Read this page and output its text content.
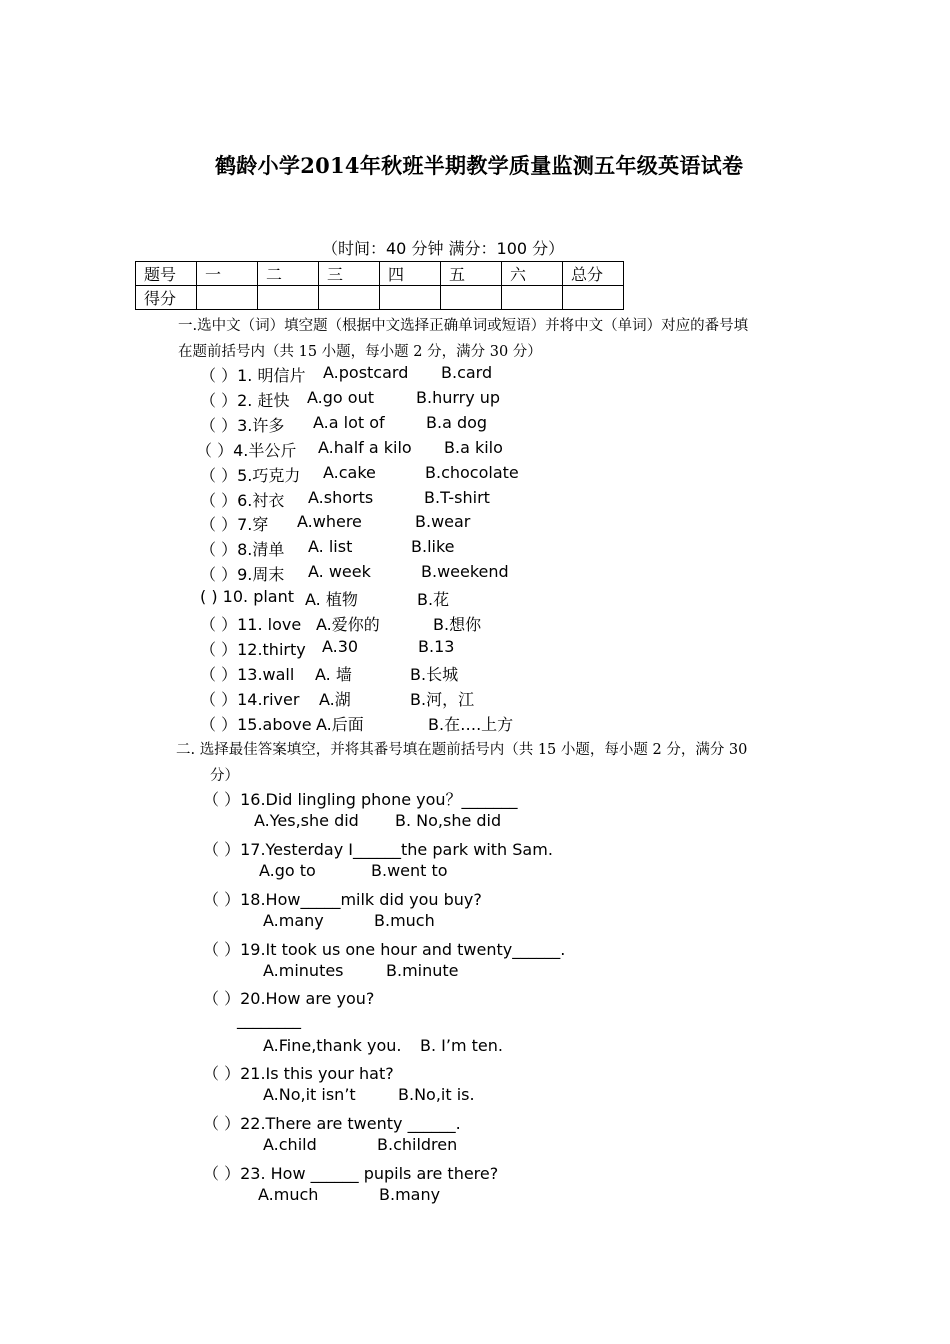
鹤龄小学2014年秋班半期教学质量监测五年级英语试卷
（时间：40 分钟 满分：100 分）
题号	一	二	三	四	五	六	总分
得分							
一.选中文（词）填空题（根据中文选择正确单词或短语）并将中文（单词）对应的番号填
在题前括号内（共 15 小题，每小题 2 分，满分 30 分）
（ ）1. 明信片 A.postcard B.card
（ ）2. 赶快 A.go out	B.hurry up
（ ）3.许多 A.a lot of	B.a dog
（ ）4.半公斤 A.half a kilo B.a kilo
（ ）5.巧克力 A.cake	B.chocolate
（ ）6.衬衣 A.shorts	B.T-shirt
（ ）7.穿 A.where	B.wear
（ ）8.清单 A. list	B.like
（ ）9.周末 A. week	B.weekend
( ) 10. plant A. 植物	B.花
（ ）11. love A.爱你的	B.想你
（ ）12.thirty A.30	B.13
（ ）13.wall A. 墙	B.长城
（ ）14.river A.湖	B.河，江
（ ）15.above A.后面	B.在….上方
二. 选择最佳答案填空，并将其番号填在题前括号内（共 15 小题，每小题 2 分，满分 30
分）
（ ）16.Did lingling phone you？_______
A.Yes,she did B. No,she did
（ ）17.Yesterday I______the park with Sam.
A.go to	B.went to
（ ）18.How_____milk did you buy?
A.many	B.much
（ ）19.It took us one hour and twenty______.
A.minutes	B.minute
（ ）20.How are you?
________
A.Fine,thank you. B. I’m ten.
（ ）21.Is this your hat?
A.No,it isn’t	B.No,it is.
（ ）22.There are twenty ______.
A.child	B.children
（ ）23. How ______ pupils are there?
A.much	B.many
